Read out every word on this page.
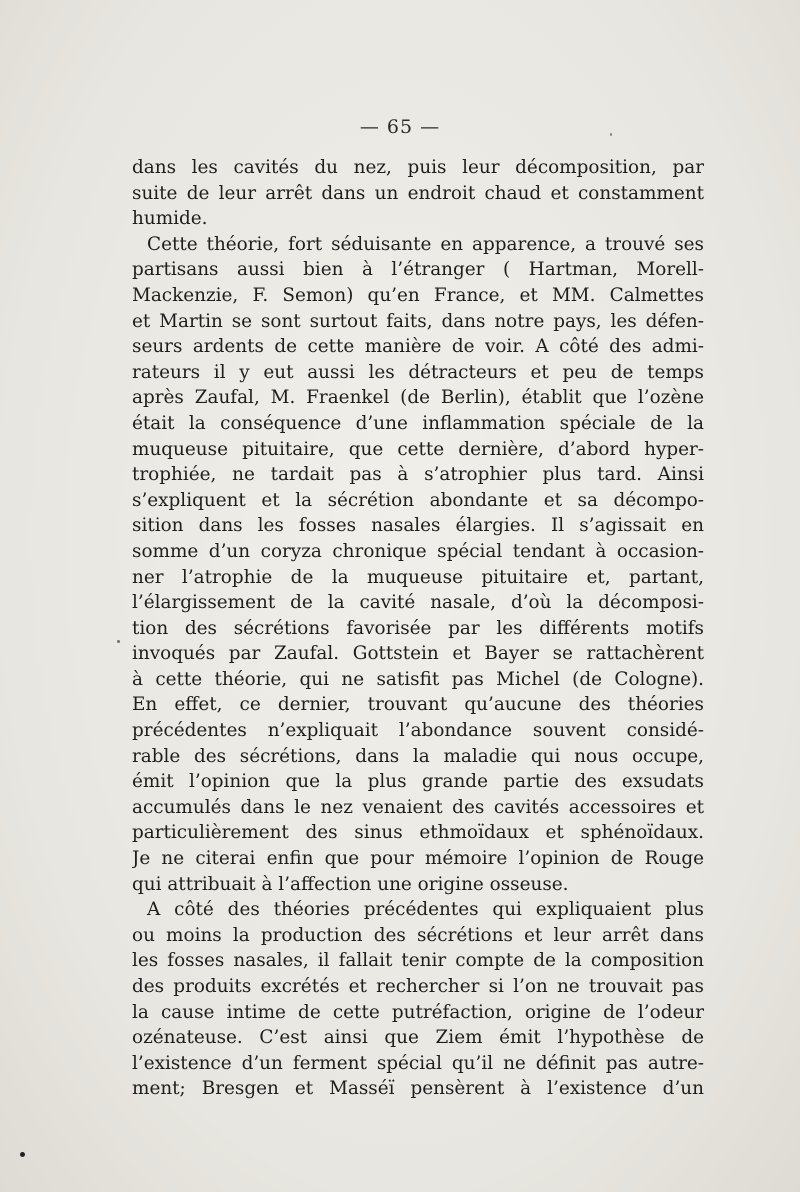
— 65 —
dans les cavités du nez, puis leur décomposition, par
suite de leur arrêt dans un endroit chaud et constamment
humide.
Cette théorie, fort séduisante en apparence, a trouvé ses
partisans aussi bien à l’étranger ( Hartman, Morell-
Mackenzie, F. Semon) qu’en France, et MM. Calmettes
et Martin se sont surtout faits, dans notre pays, les défen-
seurs ardents de cette manière de voir. A côté des admi-
rateurs il y eut aussi les détracteurs et peu de temps
après Zaufal, M. Fraenkel (de Berlin), établit que l’ozène
était la conséquence d’une inflammation spéciale de la
muqueuse pituitaire, que cette dernière, d’abord hyper-
trophiée, ne tardait pas à s’atrophier plus tard. Ainsi
s’expliquent et la sécrétion abondante et sa décompo-
sition dans les fosses nasales élargies. Il s’agissait en
somme d’un coryza chronique spécial tendant à occasion-
ner l’atrophie de la muqueuse pituitaire et, partant,
l’élargissement de la cavité nasale, d’où la décomposi-
tion des sécrétions favorisée par les différents motifs
invoqués par Zaufal. Gottstein et Bayer se rattachèrent
à cette théorie, qui ne satisfit pas Michel (de Cologne).
En effet, ce dernier, trouvant qu’aucune des théories
précédentes n’expliquait l’abondance souvent considé-
rable des sécrétions, dans la maladie qui nous occupe,
émit l’opinion que la plus grande partie des exsudats
accumulés dans le nez venaient des cavités accessoires et
particulièrement des sinus ethmoïdaux et sphénoïdaux.
Je ne citerai enfin que pour mémoire l’opinion de Rouge
qui attribuait à l’affection une origine osseuse.
A côté des théories précédentes qui expliquaient plus
ou moins la production des sécrétions et leur arrêt dans
les fosses nasales, il fallait tenir compte de la composition
des produits excrétés et rechercher si l’on ne trouvait pas
la cause intime de cette putréfaction, origine de l’odeur
ozénateuse. C’est ainsi que Ziem émit l’hypothèse de
l’existence d’un ferment spécial qu’il ne définit pas autre-
ment; Bresgen et Masséï pensèrent à l’existence d’un
